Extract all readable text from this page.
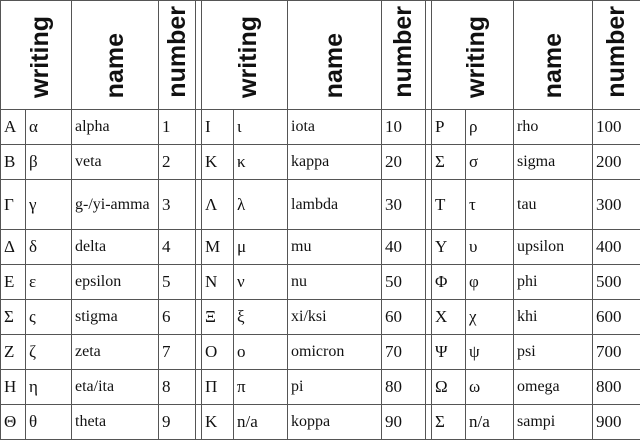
writing		name	number		writing		name	number		writing		name	number
Α	α	alpha	1		Ι	ι	iota	10		Ρ	ρ	rho	100
Β	β	veta	2		Κ	κ	kappa	20		Σ	σ	sigma	200
Γ	γ	g-/yi-amma	3		Λ	λ	lambda	30		Τ	τ	tau	300
Δ	δ	delta	4		Μ	μ	mu	40		Υ	υ	upsilon	400
Ε	ε	epsilon	5		Ν	ν	nu	50		Φ	φ	phi	500
Σ	ς	stigma	6		Ξ	ξ	xi/ksi	60		Χ	χ	khi	600
Ζ	ζ	zeta	7		Ο	ο	omicron	70		Ψ	ψ	psi	700
Η	η	eta/ita	8		Π	π	pi	80		Ω	ω	omega	800
Θ	θ	theta	9		Κ	n/a	koppa	90		Σ	n/a	sampi	900
